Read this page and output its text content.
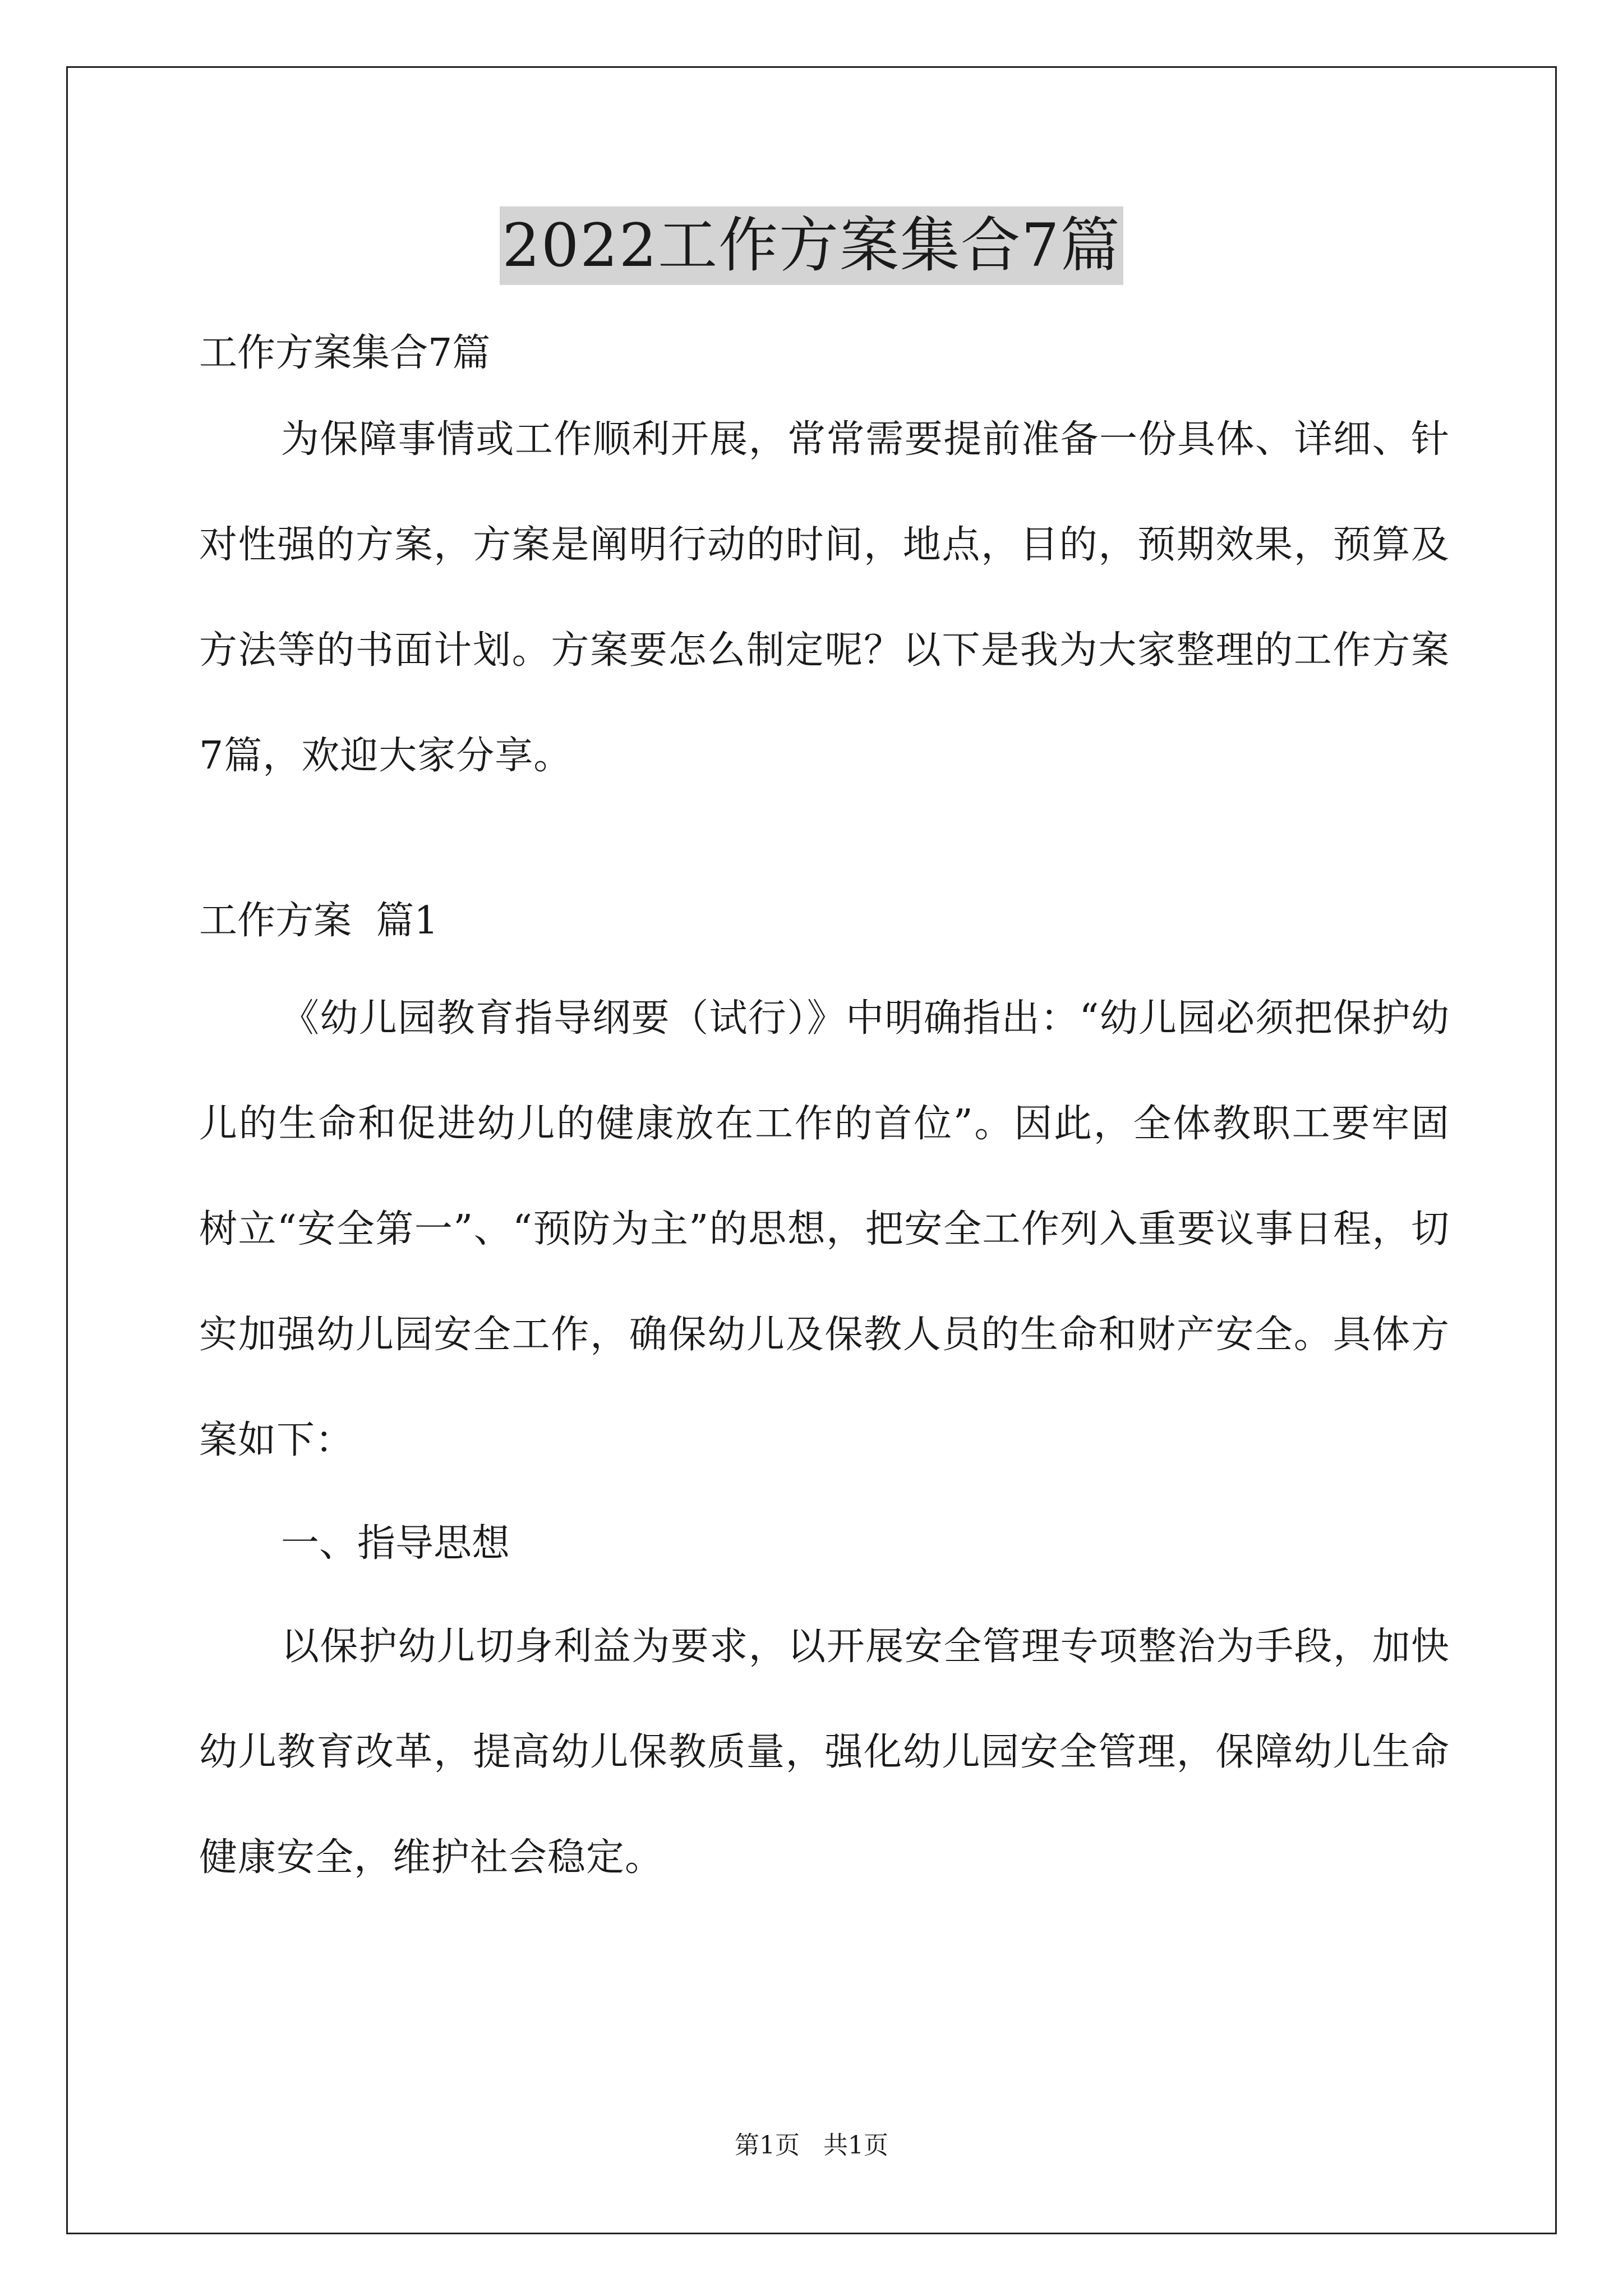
2022工作方案集合7篇

工作方案集合7篇

为保障事情或工作顺利开展，常常需要提前准备一份具体、详细、针对性强的方案，方案是阐明行动的时间，地点，目的，预期效果，预算及方法等的书面计划。方案要怎么制定呢？以下是我为大家整理的工作方案7篇，欢迎大家分享。

工作方案  篇1

《幼儿园教育指导纲要（试行）》中明确指出：“幼儿园必须把保护幼儿的生命和促进幼儿的健康放在工作的首位”。因此，全体教职工要牢固树立“安全第一”、“预防为主”的思想，把安全工作列入重要议事日程，切实加强幼儿园安全工作，确保幼儿及保教人员的生命和财产安全。具体方案如下：

一、指导思想

以保护幼儿切身利益为要求，以开展安全管理专项整治为手段，加快幼儿教育改革，提高幼儿保教质量，强化幼儿园安全管理，保障幼儿生命健康安全，维护社会稳定。

第1页 共1页
